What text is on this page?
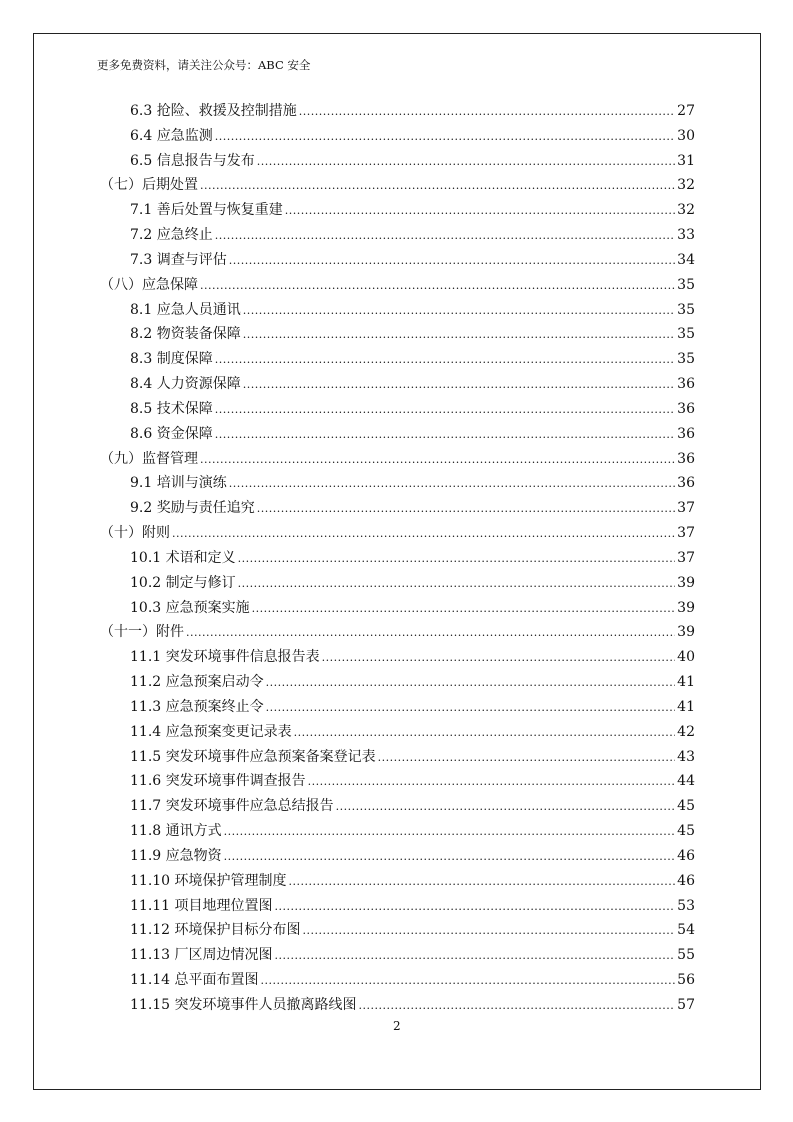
更多免费资料，请关注公众号：ABC 安全
6.3 抢险、救援及控制措施 .....	27
6.4 应急监测 .....	30
6.5 信息报告与发布 .....	31
（七）后期处置 .....	32
7.1 善后处置与恢复重建 .....	32
7.2 应急终止 .....	33
7.3 调查与评估 .....	34
（八）应急保障 .....	35
8.1 应急人员通讯 .....	35
8.2 物资装备保障 .....	35
8.3 制度保障 .....	35
8.4 人力资源保障 .....	36
8.5 技术保障 .....	36
8.6 资金保障 .....	36
（九）监督管理 .....	36
9.1 培训与演练 .....	36
9.2 奖励与责任追究 .....	37
（十）附则 .....	37
10.1 术语和定义 .....	37
10.2 制定与修订 .....	39
10.3 应急预案实施 .....	39
（十一）附件 .....	39
11.1 突发环境事件信息报告表 .....	40
11.2 应急预案启动令 .....	41
11.3 应急预案终止令 .....	41
11.4 应急预案变更记录表 .....	42
11.5 突发环境事件应急预案备案登记表 .....	43
11.6 突发环境事件调查报告 .....	44
11.7 突发环境事件应急总结报告 .....	45
11.8 通讯方式 .....	45
11.9 应急物资 .....	46
11.10 环境保护管理制度 .....	46
11.11 项目地理位置图 .....	53
11.12 环境保护目标分布图 .....	54
11.13 厂区周边情况图 .....	55
11.14 总平面布置图 .....	56
11.15 突发环境事件人员撤离路线图 .....	57
2
